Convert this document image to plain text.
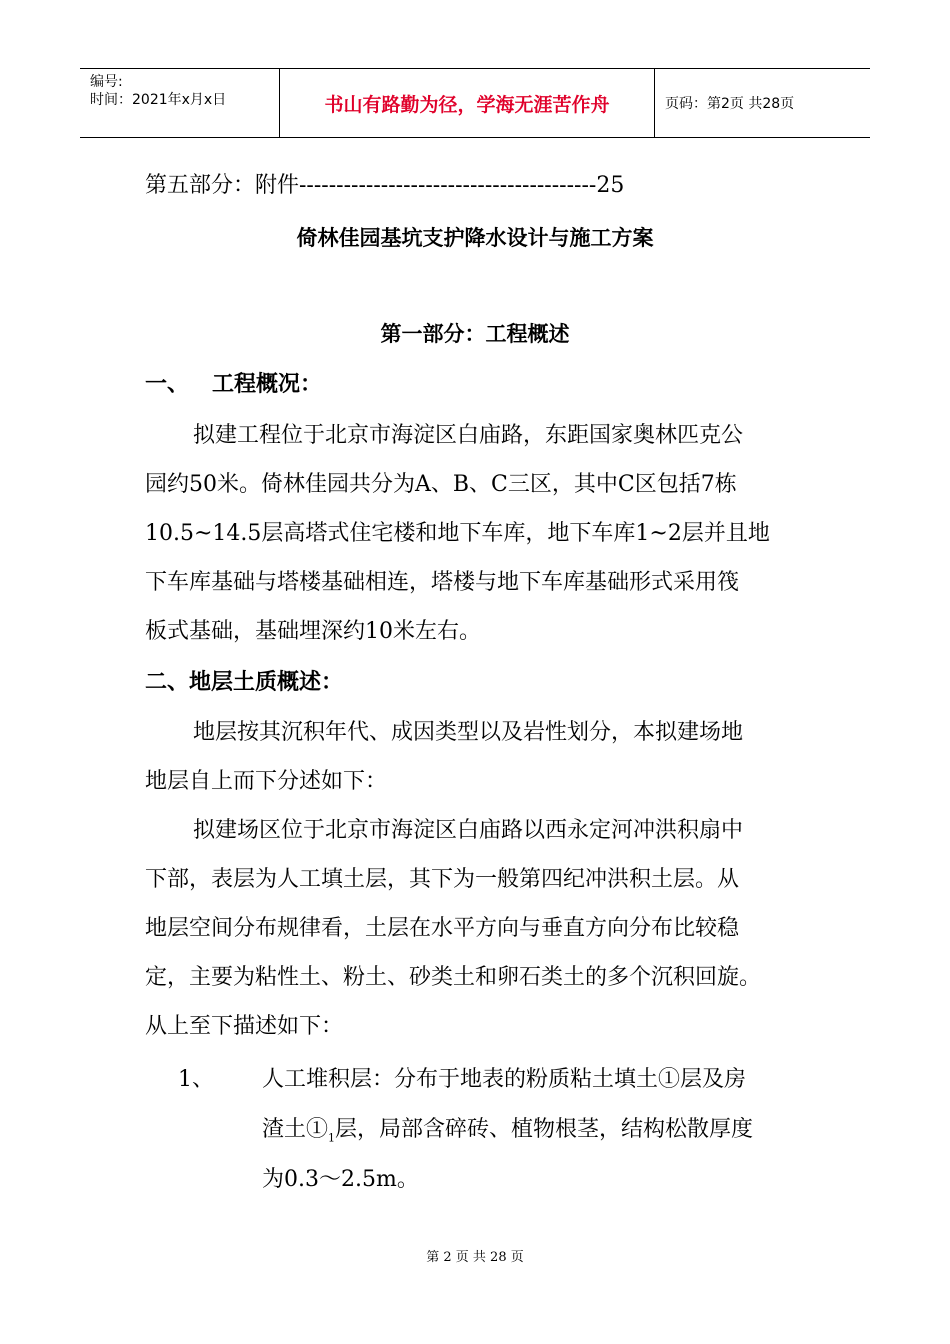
编号:
时间：2021年x月x日	书山有路勤为径，学海无涯苦作舟	页码：第2页 共28页
第五部分：附件----------------------------------------25
倚林佳园基坑支护降水设计与施工方案
第一部分：工程概述
一、 工程概况：
拟建工程位于北京市海淀区白庙路，东距国家奥林匹克公
园约50米。倚林佳园共分为A、B、C三区，其中C区包括7栋
10.5~14.5层高塔式住宅楼和地下车库，地下车库1~2层并且地
下车库基础与塔楼基础相连，塔楼与地下车库基础形式采用筏
板式基础，基础埋深约10米左右。
二、地层土质概述：
地层按其沉积年代、成因类型以及岩性划分，本拟建场地
地层自上而下分述如下：
拟建场区位于北京市海淀区白庙路以西永定河冲洪积扇中
下部，表层为人工填土层，其下为一般第四纪冲洪积土层。从
地层空间分布规律看，土层在水平方向与垂直方向分布比较稳
定，主要为粘性土、粉土、砂类土和卵石类土的多个沉积回旋。
从上至下描述如下：
1、 人工堆积层：分布于地表的粉质粘土填土①层及房
渣土$①_1$层，局部含碎砖、植物根茎，结构松散厚度
为0.3～2.5m。
第 2 页 共 28 页
